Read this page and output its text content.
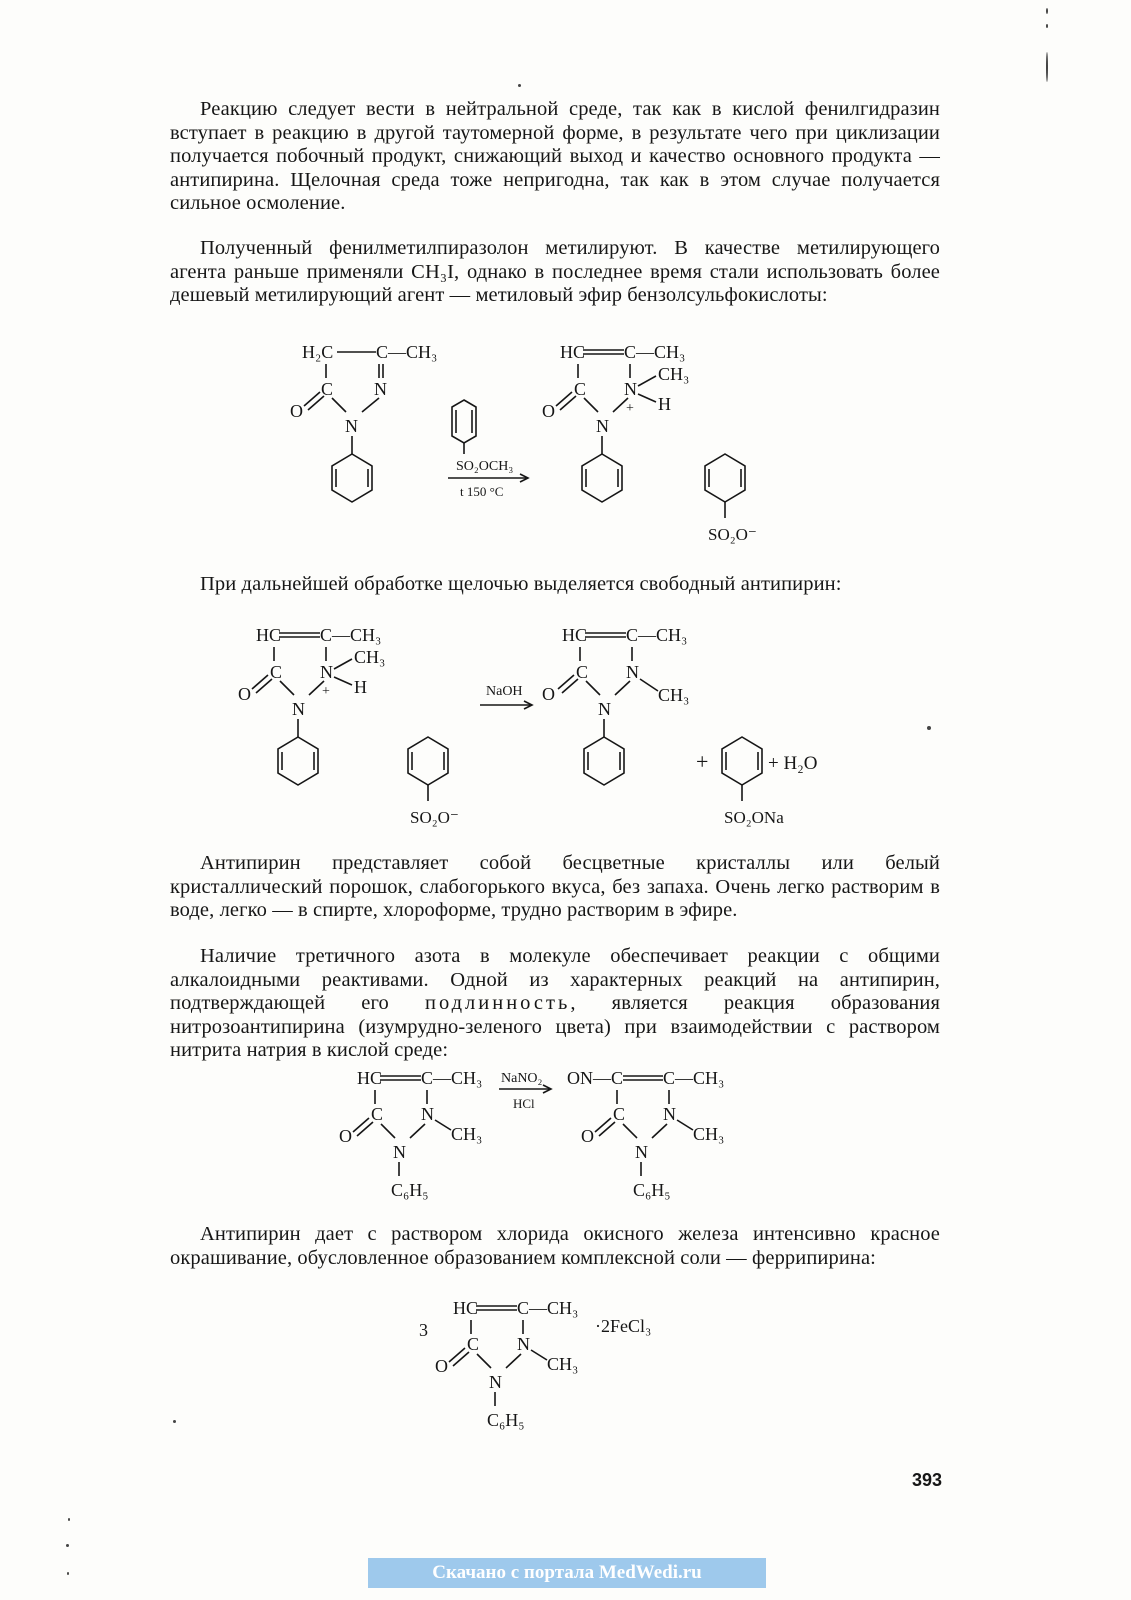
Реакцию следует вести в нейтральной среде, так как в кислой фенилгидразин вступает в реакцию в другой таутомерной форме, в результате чего при циклизации получается побочный продукт, снижающий выход и качество основного продукта — антипирина. Щелочная среда тоже непригодна, так как в этом случае получается сильное осмоление.

Полученный фенилметилпиразолон метилируют. В качестве метилирующего агента раньше применяли CH₃I, однако в последнее время стали использовать более дешевый метилирующий агент — метиловый эфир бензолсульфокислоты:

H₂C C—CH₃
C N
O
N
SO₂OCH₃
t 150 °C
HC C—CH₃
C N
CH₃
H
+
O
N
SO₂O⁻

При дальнейшей обработке щелочью выделяется свободный антипирин:

HC C—CH₃
C N
CH₃
H
+
O
N
SO₂O⁻
NaOH
HC C—CH₃
C N
CH₃
O
N
+	+ H₂O
SO₂ONa

Антипирин представляет собой бесцветные кристаллы или белый кристаллический порошок, слабогорького вкуса, без запаха. Очень легко растворим в воде, легко — в спирте, хлороформе, трудно растворим в эфире.

Наличие третичного азота в молекуле обеспечивает реакции с общими алкалоидными реактивами. Одной из характерных реакций на антипирин, подтверждающей его подлинность, является реакция образования нитрозоантипирина (изумрудно-зеленого цвета) при взаимодействии с раствором нитрита натрия в кислой среде:

HC C—CH₃
C N
CH₃
O
N
C₆H₅
NaNO₂
HCl
ON—C C—CH₃
C N
CH₃
O
N
C₆H₅

Антипирин дает с раствором хлорида окисного железа интенсивно красное окрашивание, обусловленное образованием комплексной соли — феррипирина:

3
HC C—CH₃
·2FeCl₃
C N
CH₃
O
N
C₆H₅
393
Скачано с портала MedWedi.ru
